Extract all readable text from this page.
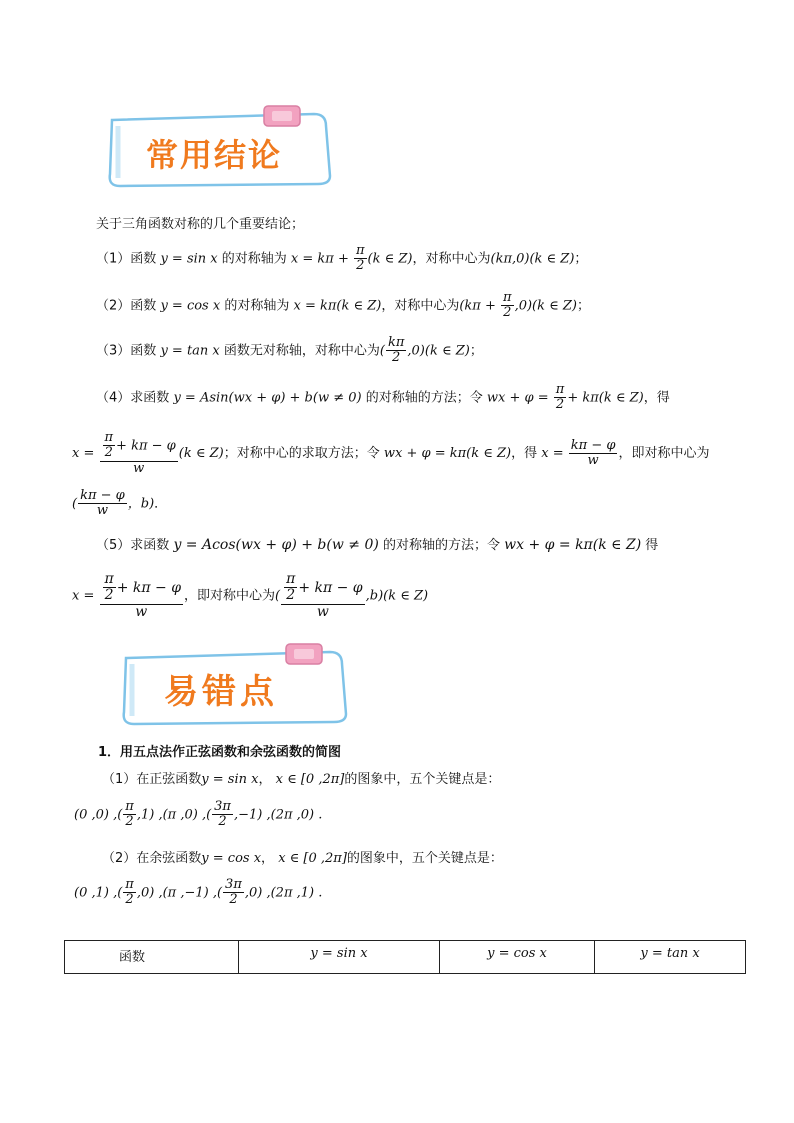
常用结论
关于三角函数对称的几个重要结论；
（1）函数 y = sin x 的对称轴为 $x = k\pi + \frac{\pi}{2} (k$ ∈ Z)，对称中心为(kπ,0)(k ∈ Z)；
（2）函数 y = cos x 的对称轴为 x = kπ(k ∈ Z)，对称中心为$(k\pi + \frac{\pi}{2} ,0)(k$ ∈ Z)；
（3）函数 y = tan x 函数无对称轴，对称中心为( $\frac{k\pi}{2} ,0)(k$ ∈ Z)；
（4）求函数 y = Asin(wx + φ) + b(w ≠ 0) 的对称轴的方法；令 wx + $\varphi = \frac{\pi}{2} + k\pi(k$ ∈ Z)，得
$x = \frac{\frac{\pi}{2} + k\pi - \varphi}{w} (k$ ∈ Z)；对称中心的求取方法；令 wx + φ = kπ(k ∈ Z)，得 $x = \frac{k\pi - \varphi}{w}$ ，即对称中心为
( $\frac{k\pi - \varphi}{w}$ ，b)．
（5）求函数 y = Acos(wx + φ) + b(w ≠ 0) 的对称轴的方法；令 wx + φ = kπ(k ∈ Z) 得
$x = \frac{\frac{\pi}{2} + k\pi - \varphi}{w}$ ，即对称中心为( $\frac{\frac{\pi}{2} + k\pi - \varphi}{w} ,b)(k$ ∈ Z)
易错点
1．用五点法作正弦函数和余弦函数的简图
（1）在正弦函数y = sin x， x ∈ [0 ,2π]的图象中，五个关键点是：
(0 ,0) ,( $\frac{\pi}{2} ,1$) ,(π ,0) ,( $\frac{3\pi}{2} ,-1$) ,(2π ,0) .
（2）在余弦函数y = cos x， x ∈ [0 ,2π]的图象中，五个关键点是：
(0 ,1) ,( $\frac{\pi}{2} ,0$) ,(π ,−1) ,( $\frac{3\pi}{2} ,0$) ,(2π ,1) .
函数	y = sin x	y = cos x	y = tan x
